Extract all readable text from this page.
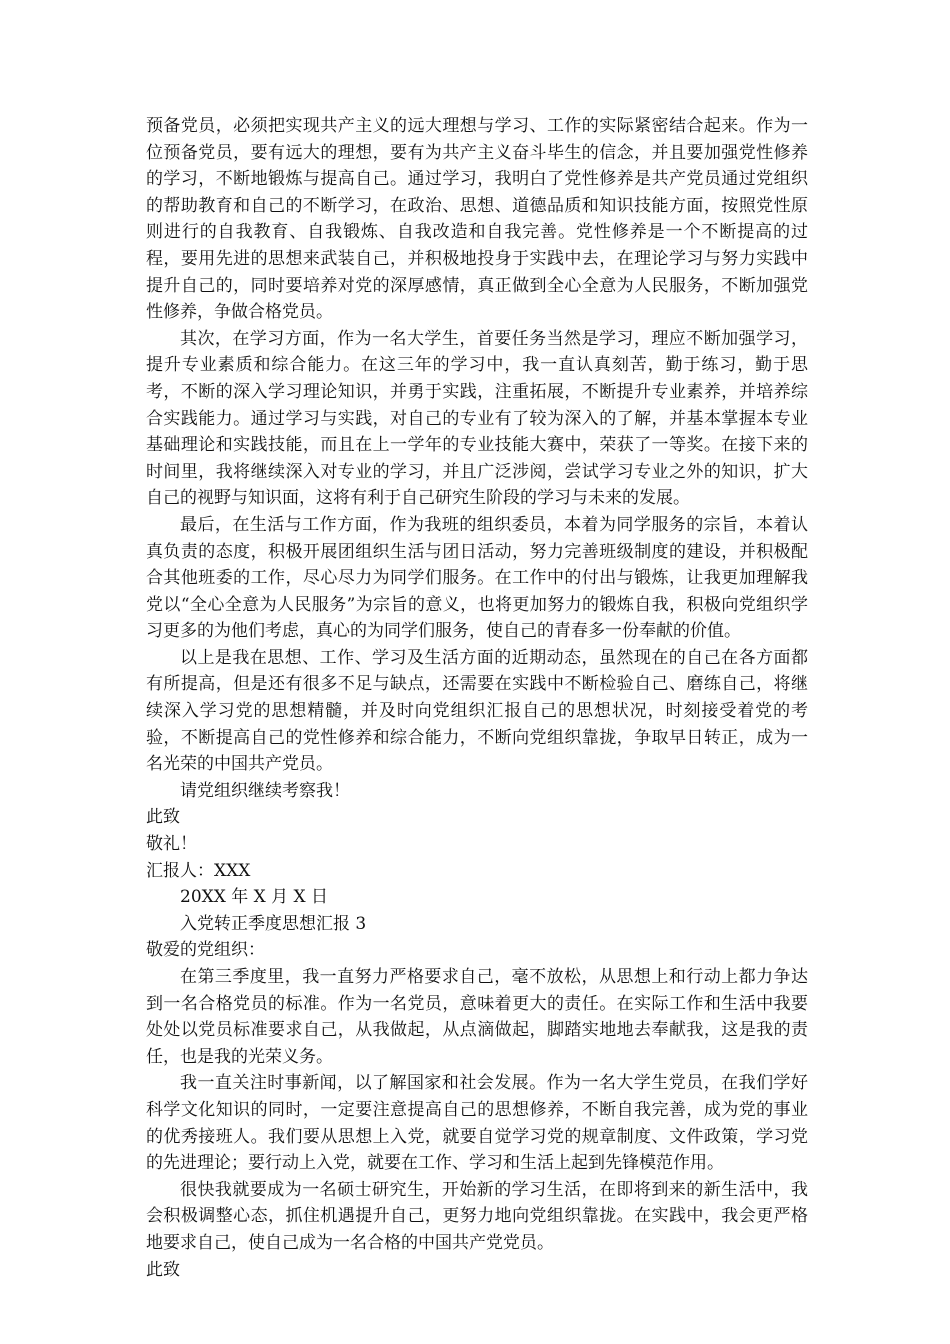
预备党员，必须把实现共产主义的远大理想与学习、工作的实际紧密结合起来。作为一位预备党员，要有远大的理想，要有为共产主义奋斗毕生的信念，并且要加强党性修养的学习，不断地锻炼与提高自己。通过学习，我明白了党性修养是共产党员通过党组织的帮助教育和自己的不断学习，在政治、思想、道德品质和知识技能方面，按照党性原则进行的自我教育、自我锻炼、自我改造和自我完善。党性修养是一个不断提高的过程，要用先进的思想来武装自己，并积极地投身于实践中去，在理论学习与努力实践中提升自己的，同时要培养对党的深厚感情，真正做到全心全意为人民服务，不断加强党性修养，争做合格党员。

其次，在学习方面，作为一名大学生，首要任务当然是学习，理应不断加强学习，提升专业素质和综合能力。在这三年的学习中，我一直认真刻苦，勤于练习，勤于思考，不断的深入学习理论知识，并勇于实践，注重拓展，不断提升专业素养，并培养综合实践能力。通过学习与实践，对自己的专业有了较为深入的了解，并基本掌握本专业基础理论和实践技能，而且在上一学年的专业技能大赛中，荣获了一等奖。在接下来的时间里，我将继续深入对专业的学习，并且广泛涉阅，尝试学习专业之外的知识，扩大自己的视野与知识面，这将有利于自己研究生阶段的学习与未来的发展。

最后，在生活与工作方面，作为我班的组织委员，本着为同学服务的宗旨，本着认真负责的态度，积极开展团组织生活与团日活动，努力完善班级制度的建设，并积极配合其他班委的工作，尽心尽力为同学们服务。在工作中的付出与锻炼，让我更加理解我党以“全心全意为人民服务”为宗旨的意义，也将更加努力的锻炼自我，积极向党组织学习更多的为他们考虑，真心的为同学们服务，使自己的青春多一份奉献的价值。

以上是我在思想、工作、学习及生活方面的近期动态，虽然现在的自己在各方面都有所提高，但是还有很多不足与缺点，还需要在实践中不断检验自己、磨练自己，将继续深入学习党的思想精髓，并及时向党组织汇报自己的思想状况，时刻接受着党的考验，不断提高自己的党性修养和综合能力，不断向党组织靠拢，争取早日转正，成为一名光荣的中国共产党员。

请党组织继续考察我！

此致

敬礼！

汇报人：XXX

20XX 年 X 月 X 日

入党转正季度思想汇报 3

敬爱的党组织：

在第三季度里，我一直努力严格要求自己，毫不放松，从思想上和行动上都力争达到一名合格党员的标准。作为一名党员，意味着更大的责任。在实际工作和生活中我要处处以党员标准要求自己，从我做起，从点滴做起，脚踏实地地去奉献我，这是我的责任，也是我的光荣义务。

我一直关注时事新闻，以了解国家和社会发展。作为一名大学生党员，在我们学好科学文化知识的同时，一定要注意提高自己的思想修养，不断自我完善，成为党的事业的优秀接班人。我们要从思想上入党，就要自觉学习党的规章制度、文件政策，学习党的先进理论；要行动上入党，就要在工作、学习和生活上起到先锋模范作用。

很快我就要成为一名硕士研究生，开始新的学习生活，在即将到来的新生活中，我会积极调整心态，抓住机遇提升自己，更努力地向党组织靠拢。在实践中，我会更严格地要求自己，使自己成为一名合格的中国共产党党员。

此致
